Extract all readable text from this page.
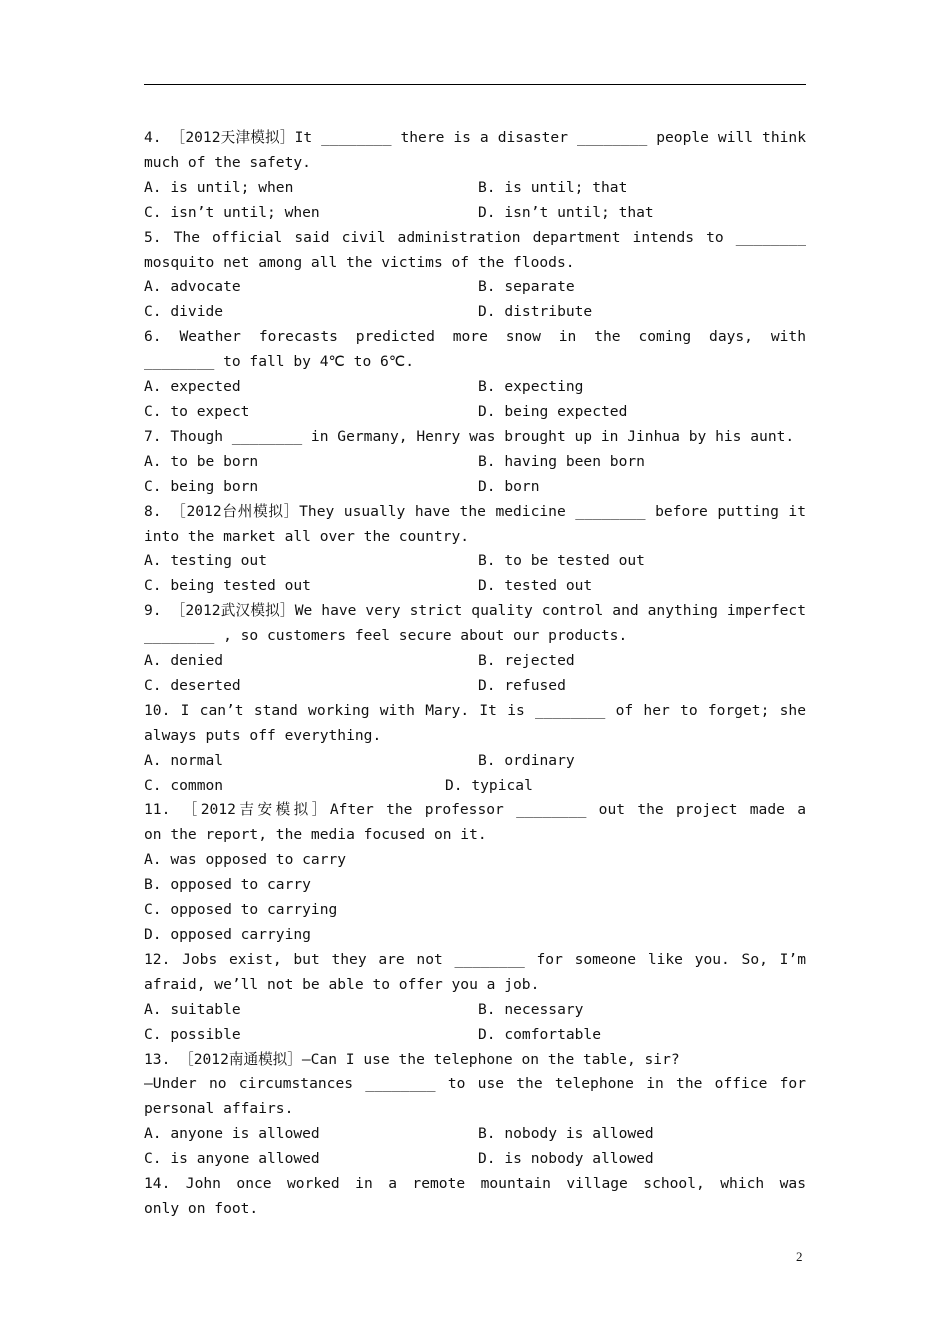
4. ［2012天津模拟］It ________ there is a disaster ________ people will think
much of the safety.

A. is until; when

	B. is until; that

C. isn’t until; when

	D. isn’t until; that

5. The official said civil administration department intends to ________
mosquito net among all the victims of the floods.

A. advocate

	B. separate

C. divide

	D. distribute

6. Weather forecasts predicted more snow in the coming days, with
________ to fall by 4℃ to 6℃.

A. expected

	B. expecting

C. to expect

	D. being expected

7. Though ________ in Germany, Henry was brought up in Jinhua by his aunt.

A. to be born

	B. having been born

C. being born

	D. born

8. ［2012台州模拟］They usually have the medicine ________ before putting it
into the market all over the country.

A. testing out

	B. to be tested out

C. being tested out

	D. tested out

9. ［2012武汉模拟］We have very strict quality control and anything imperfect
________ , so customers feel secure about our products.

A. denied

	B. rejected

C. deserted

	D. refused

10. I can’t stand working with Mary. It is ________ of her to forget; she
always puts off everything.

A. normal

	B. ordinary

C. common

	D. typical

11. ［2012吉安模拟］After the professor ________ out the project made a
on the report, the media focused on it.
A. was opposed to carry
B. opposed to carry
C. opposed to carrying
D. opposed carrying
12. Jobs exist, but they are not ________ for someone like you. So, I’m
afraid, we’ll not be able to offer you a job.

A. suitable

	B. necessary

C. possible

	D. comfortable

13. ［2012南通模拟］—Can I use the telephone on the table, sir?
—Under no circumstances ________ to use the telephone in the office for
personal affairs.

A. anyone is allowed

	B. nobody is allowed

C. is anyone allowed

	D. is nobody allowed

14. John once worked in a remote mountain village school, which was
only on foot.
2
